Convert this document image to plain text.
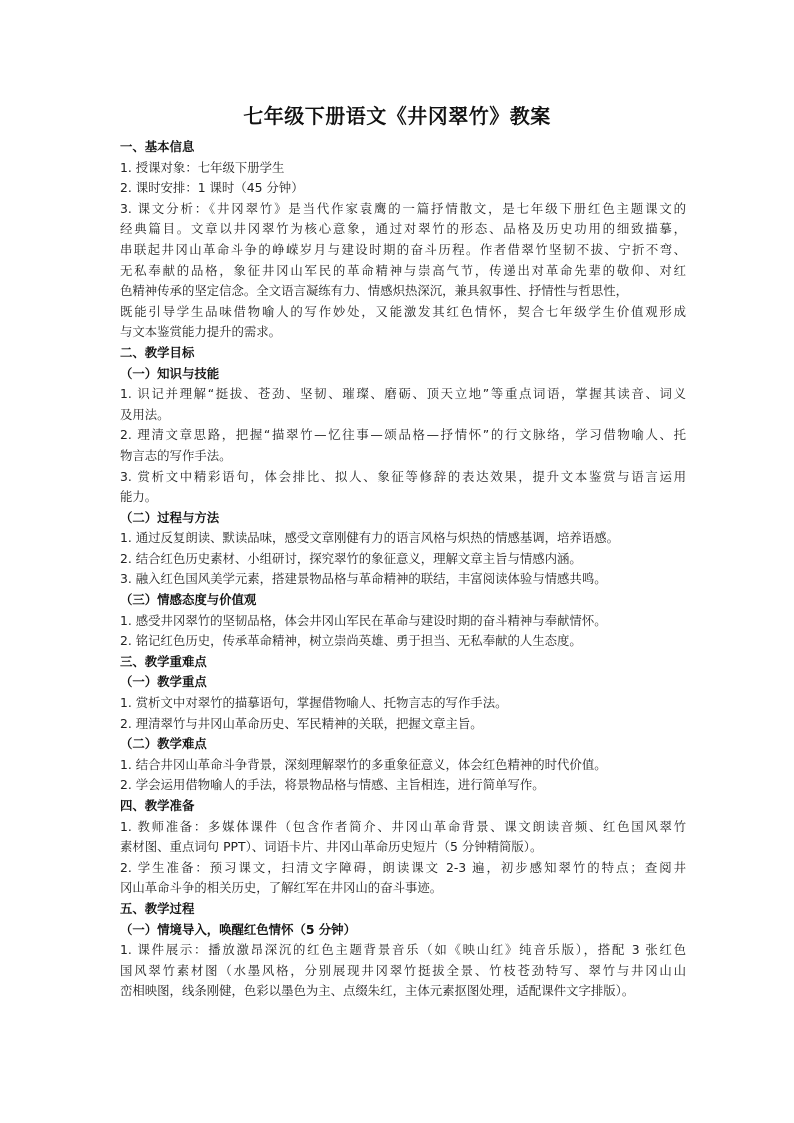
七年级下册语文《井冈翠竹》教案
一、基本信息
1. 授课对象：七年级下册学生
2. 课时安排：1 课时（45 分钟）
3. 课文分析：《井冈翠竹》是当代作家袁鹰的一篇抒情散文，是七年级下册红色主题课文的
经典篇目。文章以井冈翠竹为核心意象，通过对翠竹的形态、品格及历史功用的细致描摹，
串联起井冈山革命斗争的峥嵘岁月与建设时期的奋斗历程。作者借翠竹坚韧不拔、宁折不弯、
无私奉献的品格，象征井冈山军民的革命精神与崇高气节，传递出对革命先辈的敬仰、对红
色精神传承的坚定信念。全文语言凝练有力、情感炽热深沉，兼具叙事性、抒情性与哲思性，
既能引导学生品味借物喻人的写作妙处，又能激发其红色情怀，契合七年级学生价值观形成
与文本鉴赏能力提升的需求。
二、教学目标
（一）知识与技能
1. 识记并理解“挺拔、苍劲、坚韧、璀璨、磨砺、顶天立地”等重点词语，掌握其读音、词义
及用法。
2. 理清文章思路，把握“描翠竹—忆往事—颂品格—抒情怀”的行文脉络，学习借物喻人、托
物言志的写作手法。
3. 赏析文中精彩语句，体会排比、拟人、象征等修辞的表达效果，提升文本鉴赏与语言运用
能力。
（二）过程与方法
1. 通过反复朗读、默读品味，感受文章刚健有力的语言风格与炽热的情感基调，培养语感。
2. 结合红色历史素材、小组研讨，探究翠竹的象征意义，理解文章主旨与情感内涵。
3. 融入红色国风美学元素，搭建景物品格与革命精神的联结，丰富阅读体验与情感共鸣。
（三）情感态度与价值观
1. 感受井冈翠竹的坚韧品格，体会井冈山军民在革命与建设时期的奋斗精神与奉献情怀。
2. 铭记红色历史，传承革命精神，树立崇尚英雄、勇于担当、无私奉献的人生态度。
三、教学重难点
（一）教学重点
1. 赏析文中对翠竹的描摹语句，掌握借物喻人、托物言志的写作手法。
2. 理清翠竹与井冈山革命历史、军民精神的关联，把握文章主旨。
（二）教学难点
1. 结合井冈山革命斗争背景，深刻理解翠竹的多重象征意义，体会红色精神的时代价值。
2. 学会运用借物喻人的手法，将景物品格与情感、主旨相连，进行简单写作。
四、教学准备
1. 教师准备：多媒体课件（包含作者简介、井冈山革命背景、课文朗读音频、红色国风翠竹
素材图、重点词句 PPT）、词语卡片、井冈山革命历史短片（5 分钟精简版）。
2. 学生准备：预习课文，扫清文字障碍，朗读课文 2-3 遍，初步感知翠竹的特点；查阅井
冈山革命斗争的相关历史，了解红军在井冈山的奋斗事迹。
五、教学过程
（一）情境导入，唤醒红色情怀（5 分钟）
1. 课件展示：播放激昂深沉的红色主题背景音乐（如《映山红》纯音乐版），搭配 3 张红色
国风翠竹素材图（水墨风格，分别展现井冈翠竹挺拔全景、竹枝苍劲特写、翠竹与井冈山山
峦相映图，线条刚健，色彩以墨色为主、点缀朱红，主体元素抠图处理，适配课件文字排版）。
